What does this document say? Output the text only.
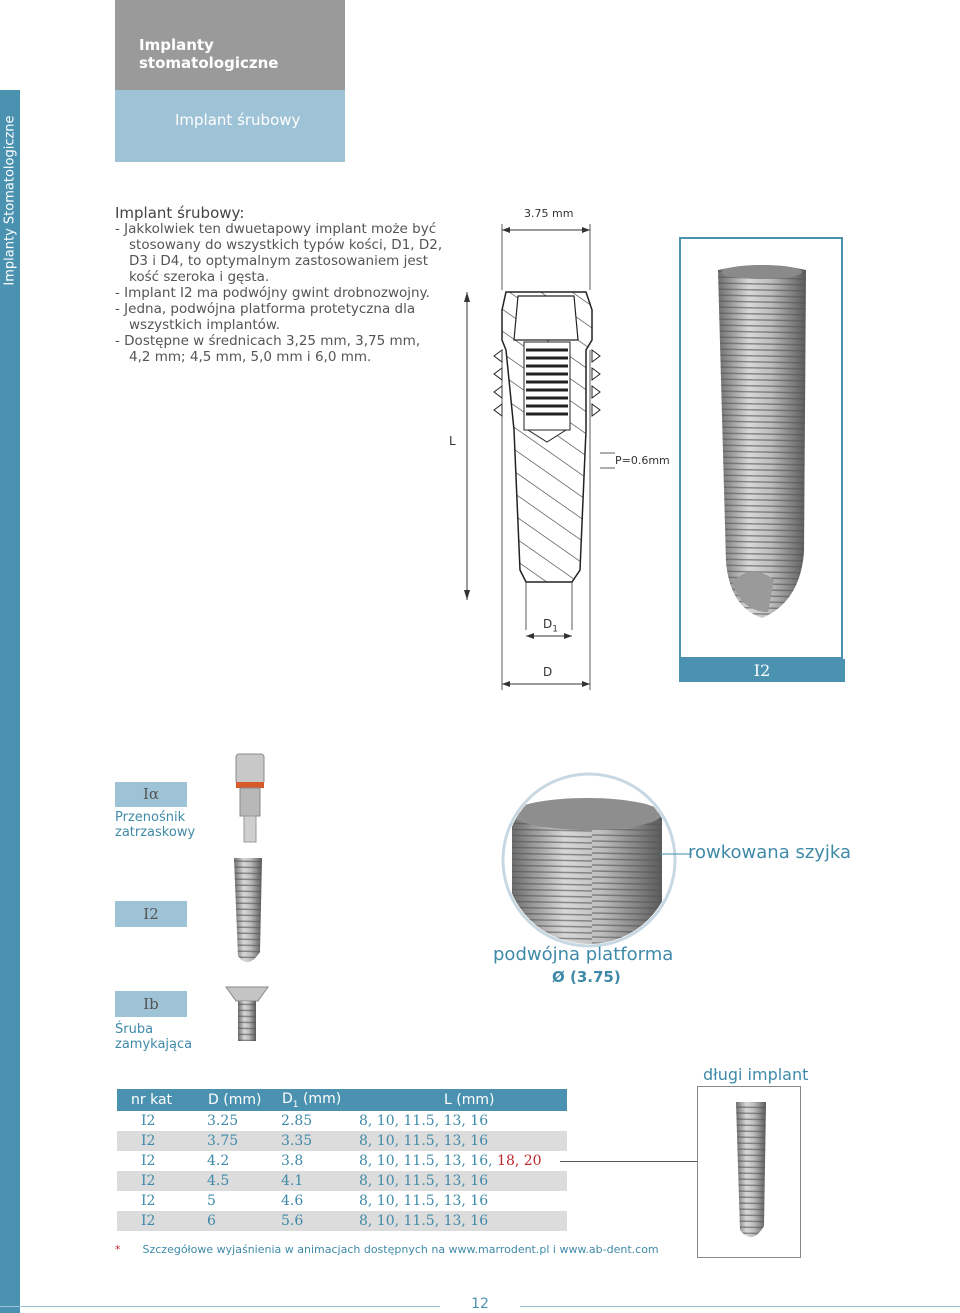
Implanty stomatologiczne
Implant śrubowy
Implanty Stomatologiczne	Implant śrubowy:

- Jakkolwiek ten dwuetapowy implant może być stosowany do wszystkich typów kości, D1, D2, D3 i D4, to optymalnym zastosowaniem jest kość szeroka i gęsta.

- Implant I2 ma podwójny gwint drobnozwojny.

- Jedna, podwójna platforma protetyczna dla wszystkich implantów.

- Dostępne w średnicach 3,25 mm, 3,75 mm, 4,2 mm; 4,5 mm, 5,0 mm i 6,0 mm.

3.75 mm
L
P=0.6mm
$D_1$
D	I2
Iα
Przenośnik
zatrzaskowy
I2
Ib
Śruba
zamykająca
rowkowana szyjka
podwójna platforma
Ø (3.75)
długi implant
nr kat	D (mm)	$D_1$ (mm)	L (mm)
I2	3.25	2.85	8, 10, 11.5, 13, 16
I2	3.75	3.35	8, 10, 11.5, 13, 16
I2	4.2	3.8	8, 10, 11.5, 13, 16, 18, 20
I2	4.5	4.1	8, 10, 11.5, 13, 16
I2	5	4.6	8, 10, 11.5, 13, 16
I2	6	5.6	8, 10, 11.5, 13, 16
* Szczegółowe wyjaśnienia w animacjach dostępnych na www.marrodent.pl i www.ab-dent.com
12
